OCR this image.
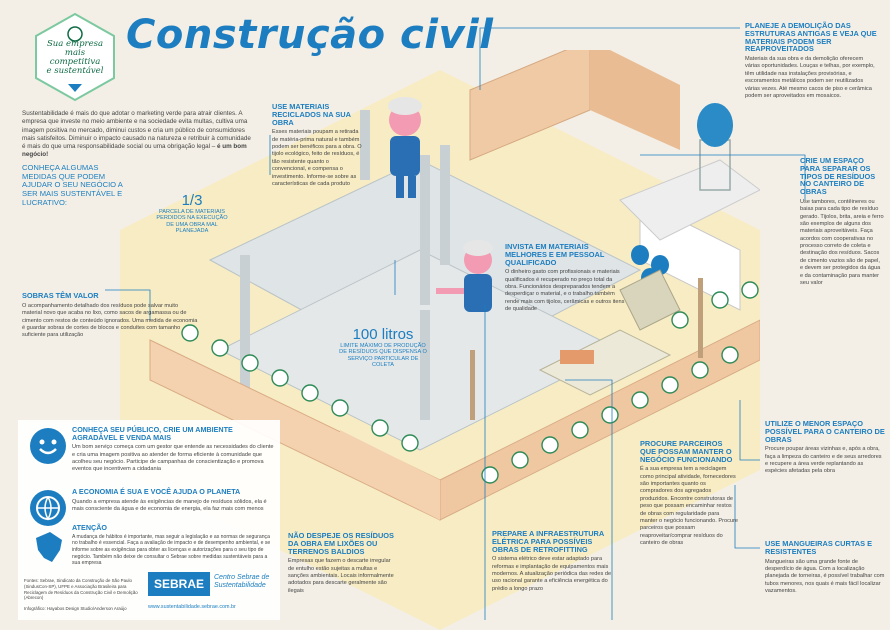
Sua empresa
mais competitiva
e sustentável
Construção civil
Sustentabilidade é mais do que adotar o marketing verde para atrair clientes. A empresa que investe no meio ambiente e na sociedade evita multas, cultiva uma imagem positiva no mercado, diminui custos e cria um público de consumidores mais satisfeitos. Diminuir o impacto causado na natureza e retribuir à comunidade é mais do que uma responsabilidade social ou uma obrigação legal – é um bom negócio!
CONHEÇA ALGUMAS MEDIDAS QUE PODEM AJUDAR O SEU NEGÓCIO A SER MAIS SUSTENTÁVEL E LUCRATIVO:	1/3
PARCELA DE MATERIAIS PERDIDOS NA EXECUÇÃO DE UMA OBRA MAL PLANEJADA
100 litros
LIMITE MÁXIMO DE PRODUÇÃO DE RESÍDUOS QUE DISPENSA O SERVIÇO PARTICULAR DE COLETA
USE MATERIAIS RECICLADOS NA SUA OBRA
Esses materiais poupam a retirada de matéria-prima natural e também podem ser benéficos para a obra. O tijolo ecológico, feito de resíduos, é tão resistente quanto o convencional, e compensa o investimento. Informe-se sobre as características de cada produto
SOBRAS TÊM VALOR
O acompanhamento detalhado dos resíduos pode salvar muito material novo que acaba no lixo, como sacos de argamassa ou de cimento com restos de conteúdo ignorados. Uma medida de economia é guardar sobras de cortes de blocos e conduítes com tamanho suficiente para utilização
INVISTA EM MATERIAIS MELHORES E EM PESSOAL QUALIFICADO
O dinheiro gasto com profissionais e materiais qualificados é recuperado no preço total da obra. Funcionários despreparados tendem a desperdiçar o material, e o trabalho também rende mais com tijolos, cerâmicas e outros itens de qualidade
PLANEJE A DEMOLIÇÃO DAS ESTRUTURAS ANTIGAS E VEJA QUE MATERIAIS PODEM SER REAPROVEITADOS
Materiais da sua obra e da demolição oferecem várias oportunidades. Louças e telhas, por exemplo, têm utilidade nas instalações provisórias, e escoramentos metálicos podem ser reutilizados várias vezes. Até mesmo cacos de piso e cerâmica podem ser aproveitados em mosaicos.
CRIE UM ESPAÇO PARA SEPARAR OS TIPOS DE RESÍDUOS NO CANTEIRO DE OBRAS
Use tambores, contêineres ou baias para cada tipo de resíduo gerado. Tijolos, brita, areia e ferro são exemplos de alguns dos materiais aproveitáveis. Faça acordos com cooperativas no processo correto de coleta e destinação dos resíduos. Sacos de cimento vazios são de papel, e devem ser protegidos da água e da contaminação para manter seu valor
CONHEÇA SEU PÚBLICO, CRIE UM AMBIENTE AGRADÁVEL E VENDA MAIS
Um bom serviço começa com um gestor que entende as necessidades do cliente e cria uma imagem positiva ao atender de forma eficiente à comunidade que acolheu seu negócio. Participe de campanhas de conscientização e promova eventos que incentivem a cidadania
A ECONOMIA É SUA E VOCÊ AJUDA O PLANETA
Quando a empresa atende às exigências de manejo de resíduos sólidos, ela é mais consciente da água e de economia de energia, ela faz mais com menos
ATENÇÃO
A mudança de hábitos é importante, mas seguir a legislação e as normas de segurança no trabalho é essencial. Faça a avaliação de impacto e de desempenho ambiental, e se informe sobre as exigências para obter as licenças e autorizações para o seu tipo de negócio. Também não deixe de consultar o Sebrae sobre medidas sustentáveis para a sua empresa
Fontes: Sebrae, Sindicato da Construção de São Paulo (SindusCon-SP), UFPE e Associação Brasileira para Reciclagem de Resíduos da Construção Civil e Demolição (Abrecon)
Infográfico: Hayabos Design Studio/Anderson Araújo
SEBRAE	Centro Sebrae de Sustentabilidade
www.sustentabilidade.sebrae.com.br
NÃO DESPEJE OS RESÍDUOS DA OBRA EM LIXÕES OU TERRENOS BALDIOS
Empresas que fazem o descarte irregular de entulho estão sujeitas a multas e sanções ambientais. Locais informalmente adotados para descarte geralmente são ilegais
PREPARE A INFRAESTRUTURA ELÉTRICA PARA POSSÍVEIS OBRAS DE RETROFITTING
O sistema elétrico deve estar adaptado para reformas e implantação de equipamentos mais modernos. A atualização periódica das redes de uso racional garante a eficiência energética do prédio a longo prazo
PROCURE PARCEIROS QUE POSSAM MANTER O NEGÓCIO FUNCIONANDO
É a sua empresa tem a reciclagem como principal atividade, fornecedores são importantes quanto os compradores dos agregados produzidos. Encontre construtoras de peso que possam encaminhar restos de obras com regularidade para manter o negócio funcionando. Procure parceiros que possam reaproveitar/comprar resíduos do canteiro de obras
UTILIZE O MENOR ESPAÇO POSSÍVEL PARA O CANTEIRO DE OBRAS
Procure poupar áreas vizinhas e, após a obra, faça a limpeza do canteiro e de seus arredores e recupere a área verde replantando as espécies afetadas pela obra
USE MANGUEIRAS CURTAS E RESISTENTES
Mangueiras são uma grande fonte de desperdício de água. Com a localização planejada de torneiras, é possível trabalhar com tubos menores, nos quais é mais fácil localizar vazamentos.
